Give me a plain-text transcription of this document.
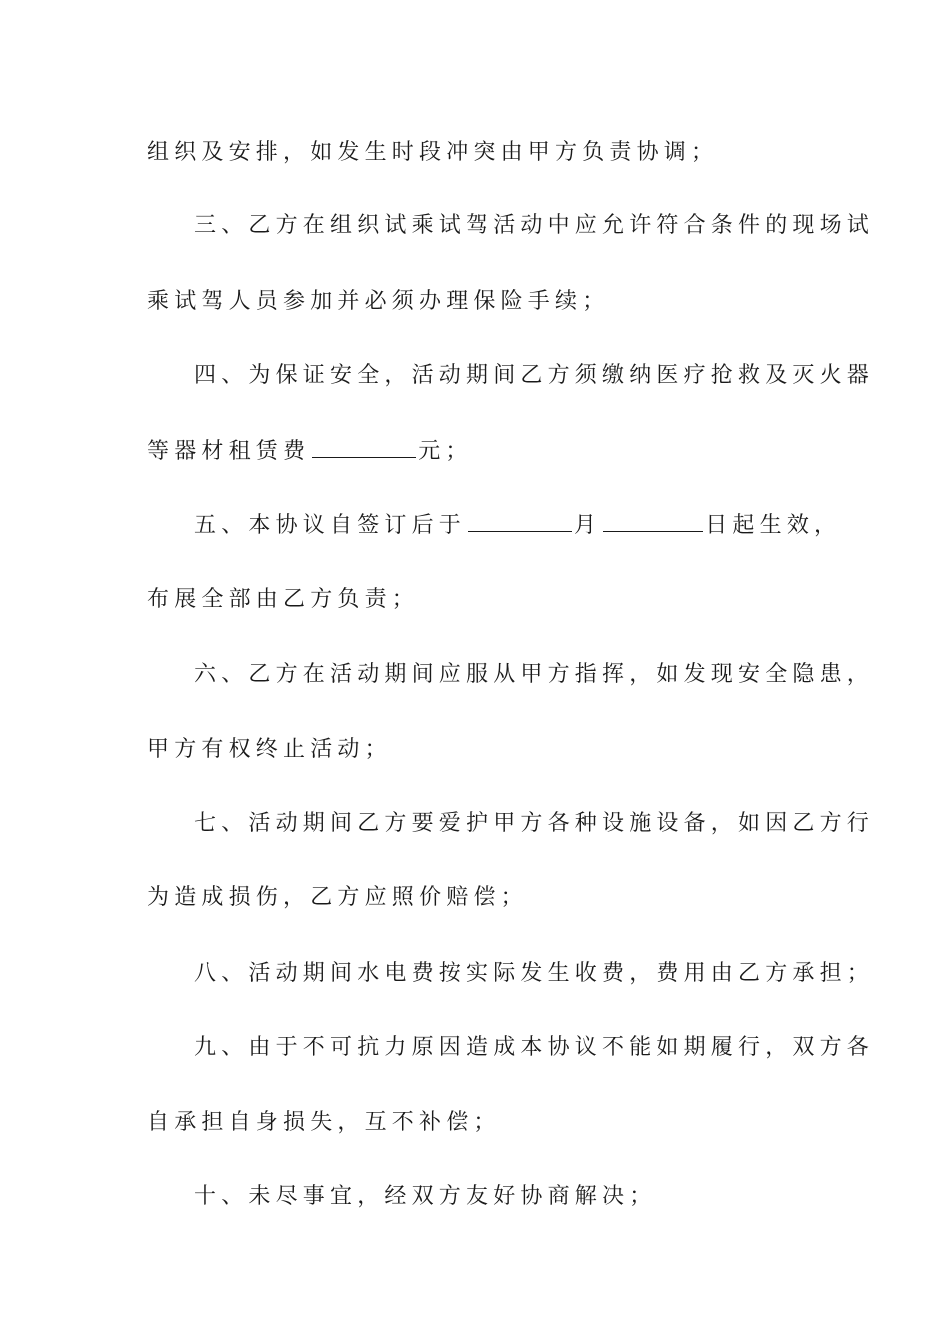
组织及安排，如发生时段冲突由甲方负责协调；
三、乙方在组织试乘试驾活动中应允许符合条件的现场试
乘试驾人员参加并必须办理保险手续；
四、为保证安全，活动期间乙方须缴纳医疗抢救及灭火器
等器材租赁费	元；
五、本协议自签订后于	月	日起生效，
布展全部由乙方负责；
六、乙方在活动期间应服从甲方指挥，如发现安全隐患，
甲方有权终止活动；
七、活动期间乙方要爱护甲方各种设施设备，如因乙方行
为造成损伤，乙方应照价赔偿；
八、活动期间水电费按实际发生收费，费用由乙方承担；
九、由于不可抗力原因造成本协议不能如期履行，双方各
自承担自身损失，互不补偿；
十、未尽事宜，经双方友好协商解决；
